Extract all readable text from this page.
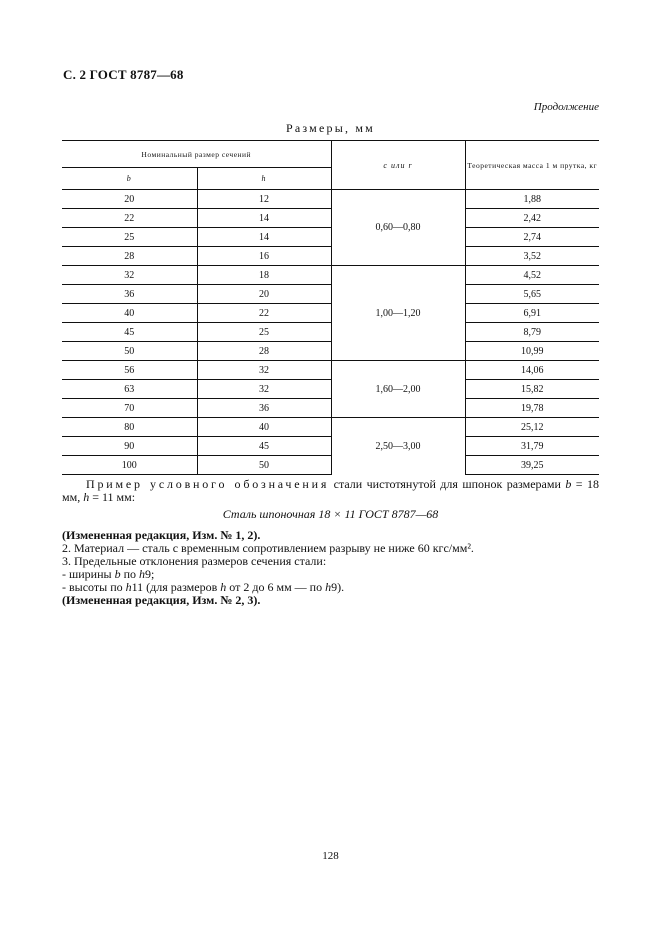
С. 2 ГОСТ 8787—68
Продолжение
Размеры, мм
Номинальный размер сечений		с или r	Теоретическая масса 1 м прутка, кг
b	h		
20	12	0,60—0,80	1,88
22	14		2,42
25	14		2,74
28	16		3,52
32	18	1,00—1,20	4,52
36	20		5,65
40	22		6,91
45	25		8,79
50	28		10,99
56	32	1,60—2,00	14,06
63	32		15,82
70	36		19,78
80	40	2,50—3,00	25,12
90	45		31,79
100	50		39,25
Пример условного обозначения стали чистотянутой для шпонок размерами b = 18 мм, h = 11 мм:
Сталь шпоночная 18 × 11 ГОСТ 8787—68
(Измененная редакция, Изм. № 1, 2).
2. Материал — сталь с временным сопротивлением разрыву не ниже 60 кгс/мм².
3. Предельные отклонения размеров сечения стали:
- ширины b по h9;
- высоты по h11 (для размеров h от 2 до 6 мм — по h9).
(Измененная редакция, Изм. № 2, 3).
128
